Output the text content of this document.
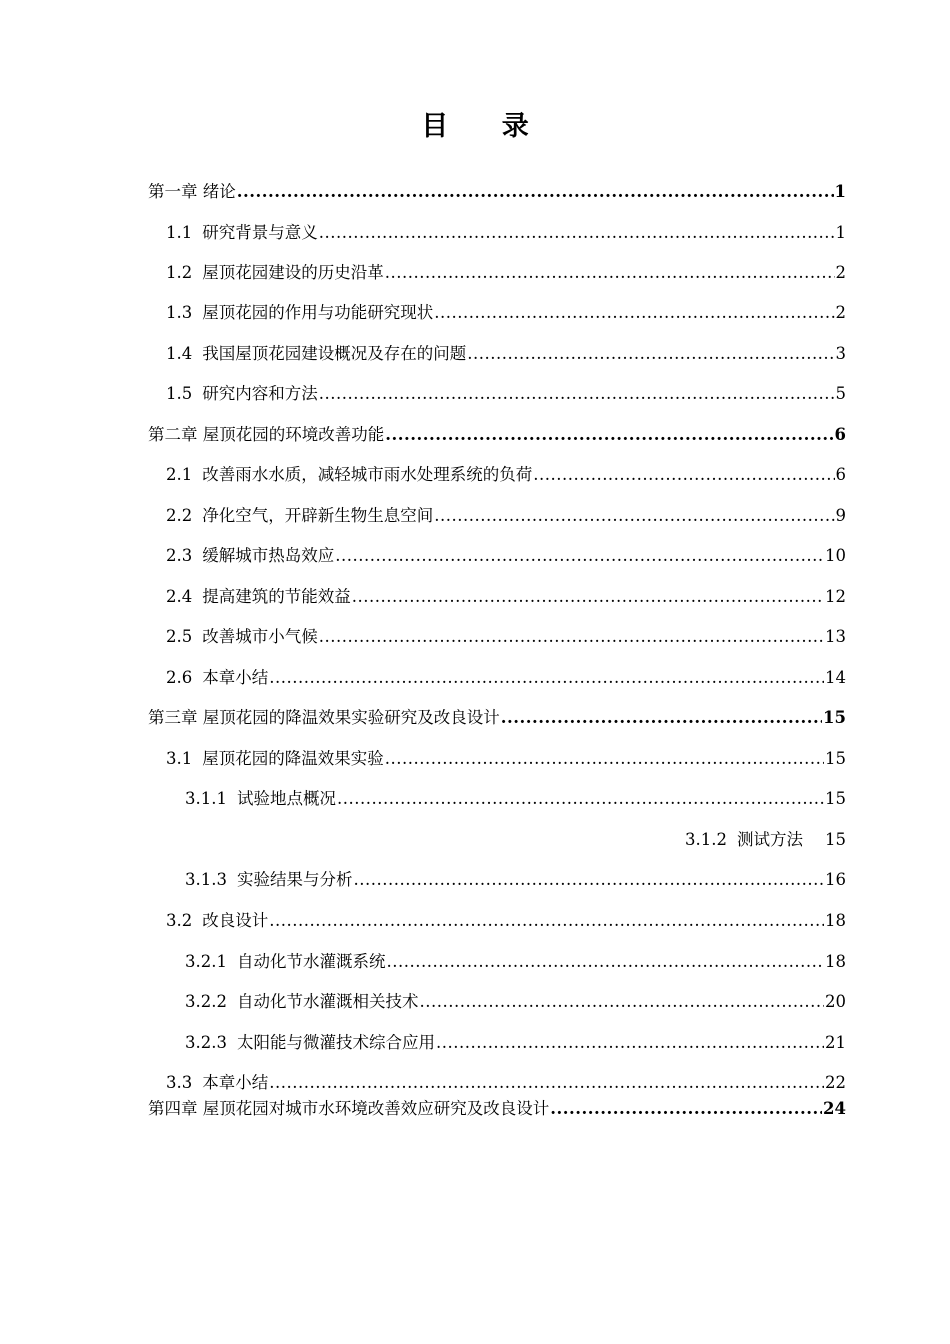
目 录
第一章 绪论 .....	1
1.1 研究背景与意义 .....	1
1.2 屋顶花园建设的历史沿革 .....	2
1.3 屋顶花园的作用与功能研究现状 .....	2
1.4 我国屋顶花园建设概况及存在的问题 .....	3
1.5 研究内容和方法 .....	5
第二章 屋顶花园的环境改善功能 .....	6
2.1 改善雨水水质，减轻城市雨水处理系统的负荷 .....	6
2.2 净化空气，开辟新生物生息空间 .....	9
2.3 缓解城市热岛效应 .....	10
2.4 提高建筑的节能效益 .....	12
2.5 改善城市小气候 .....	13
2.6 本章小结 .....	14
第三章 屋顶花园的降温效果实验研究及改良设计 .....	15
3.1 屋顶花园的降温效果实验 .....	15
3.1.1 试验地点概况 .....	15
3.1.2 测试方法 15
3.1.3 实验结果与分析 .....	16
3.2 改良设计 .....	18
3.2.1 自动化节水灌溉系统 .....	18
3.2.2 自动化节水灌溉相关技术 .....	20
3.2.3 太阳能与微灌技术综合应用 .....	21
3.3 本章小结 .....	22
第四章 屋顶花园对城市水环境改善效应研究及改良设计 .....	24
